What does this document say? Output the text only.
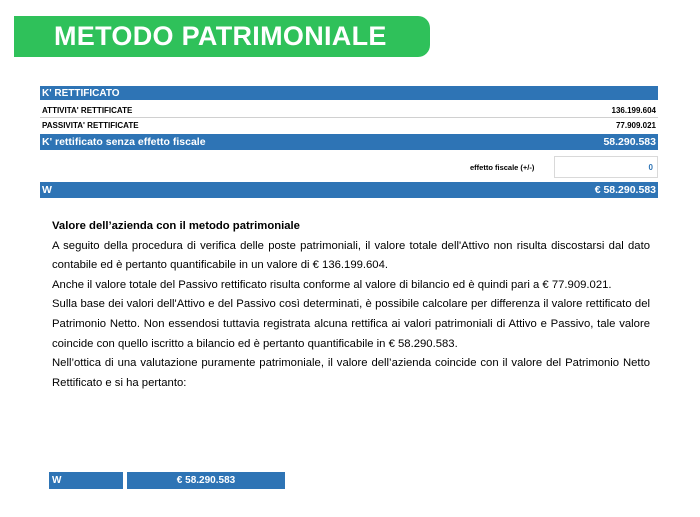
METODO PATRIMONIALE
K' RETTIFICATO
ATTIVITA' RETTIFICATE	136.199.604
PASSIVITA' RETTIFICATE	77.909.021
K' rettificato senza effetto fiscale	58.290.583
effetto fiscale (+/-)	0
W	€ 58.290.583
Valore dell’azienda con il metodo patrimoniale
A seguito della procedura di verifica delle poste patrimoniali, il valore totale dell'Attivo non risulta discostarsi dal dato contabile ed è pertanto quantificabile in un valore di € 136.199.604.
Anche il valore totale del Passivo rettificato risulta conforme al valore di bilancio ed è quindi pari a € 77.909.021.
Sulla base dei valori dell'Attivo e del Passivo così determinati, è possibile calcolare per differenza il valore rettificato del Patrimonio Netto. Non essendosi tuttavia registrata alcuna rettifica ai valori patrimoniali di Attivo e Passivo, tale valore coincide con quello iscritto a bilancio ed è pertanto quantificabile in € 58.290.583.
Nell’ottica di una valutazione puramente patrimoniale, il valore dell’azienda coincide con il valore del Patrimonio Netto Rettificato e si ha pertanto:
W	€ 58.290.583
